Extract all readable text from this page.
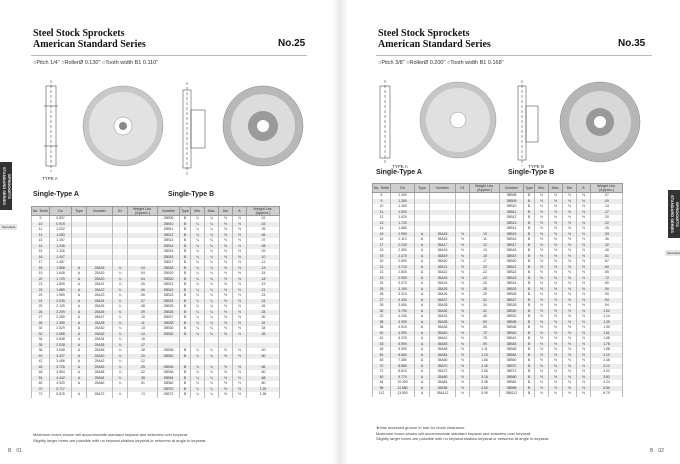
Steel Stock Sprockets
American Standard Series	No.25
○Pitch 1/4" ○RollerØ 0.130" ○Tooth width B1 0.110"
TYPE A
SPROCKETS STANDARD SERIES
Sprockets
Single-Type A	Single-Type B
No. Teeth	Do	Type	Number	D1	Weight Lbs. (Approx.)	Number	Type	Min.	Max.	Dm	A	Weight Lbs. (Approx.)
9	0.837					25B09	B	¼	¼	½	½	.02
10	0.919					25B10	B	¼	¼	½	½	.03
11	1.002					25B11	B	¼	¼	½	½	.05
12	1.083					25B12	B	¼	¼	½	½	.06
13	1.167					25B13	B	¼	¼	½	½	.07
14	1.246					25B14	B	¼	¼	½	½	.08
15	1.326					25B15	B	¼	¼	½	½	.09
16	1.407					25B16	B	¼	¼	½	½	.10
17	1.487					25B17	B	¼	¼	½	½	.11
18	1.568	A	25A18	¼	.04	25B18	B	¼	¼	½	½	.13
19	1.648	A	25A19	¼	.04	25B19	B	¼	¼	½	½	.15
20	1.729	A	25A20	¼	.04	25B20	B	¼	¼	½	½	.18
21	1.809	A	25A21	¼	.05	25B21	B	¼	¼	½	½	.19
22	1.889	A	25A22	¼	.06	25B22	B	¼	¼	½	½	.21
23	1.969	A	25A23	¼	.06	25B23	B	¼	¼	½	½	.23
24	2.049	A	25A24	¼	.07	25B24	B	¼	¼	½	½	.24
25	2.129	A	25A25	¼	.08	25B25	B	¼	¼	½	½	.26
26	2.209	A	25A26	¼	.09	25B26	B	¼	¼	½	½	.28
27	2.289	A	25A27	¼	.10	25B27	B	¼	¼	½	½	.30
28	2.369	A	25A28	¼	.11	25B28	B	¼	¼	½	½	.32
30	2.529	A	25A30	¼	.13	25B30	B	¼	¼	½	½	.34
32	2.688	A	25A32	¼	.14	25B32	B	¼	¼	½	½	.36
34	2.848	A	25A34	¼	.16							
35	2.928	A	25A35	¼	.17							
36	3.008	A	25A36	¼	.18	25B36	B	¼	¼	½	½	.40
40	3.327	A	25A40	¼	.20	25B40	B	¼	¼	½	½	.50
42	3.486	A	25A42	¼	.22							
45	3.725	A	25A45	¼	.25	25B45	B	¼	¼	½	½	.56
48	3.964	A	25A48	¼	.32	25B48	B	¼	¼	½	½	.60
54	4.442	A	25A54	¼	.38	25B54	B	¼	¼	½	½	.68
60	4.920	A	25A60	¼	.51	25B60	B	¼	¼	½	½	.80
70	5.717					25B70	B	¼	¼	½	½	1.25
72	5.876	A	25A72	¼	.74	25B72	B	¼	¼	½	½	1.38
Maximum bores shown will accommodate standard keyseat and setscrew over keyseat.
Slightly larger bores are possible with no keyseat,shallow keyseat,or setscrew at angle to keyseat.
B 01
Steel Stock Sprockets
American Standard Series	No.35
○Pitch 3/8" ○RollerØ 0.200" ○Tooth width B1 0.168"
TYPE A	TYPE B
SPROCKETS STANDARD SERIES
Sprockets
Single-Type A	Single-Type B
No. Teeth	Do	Type	Number	D1	Weight Lbs. (Approx.)	Number	Type	Min.	Max.	Dm	A	Weight Lbs. (Approx.)
8	1.150					35B08	B	½	½	½	½	.07
9	1.260					35B09	B	½	½	½	½	.09
10	1.360					35B10	B	½	½	½	½	.14
11	1.500					35B11	B	½	½	½	½	.17
12	1.620					35B12	B	½	½	½	½	.20
13	1.730					35B13	B	½	½	½	½	.22
14	1.860					35B14	B	½	½	½	½	.25
15	1.990	A	35A15	½	.10	35B15	B	½	½	½	½	.33
16	2.110	A	35A16	½	.11	35B16	B	½	½	½	½	.36
17	2.230	A	35A17	½	.12	35B17	B	½	½	½	½	.42
18	2.350	A	35A18	½	.13	35B18	B	½	½	½	½	.46
19	2.470	A	35A19	½	.15	35B19	B	½	½	½	½	.51
20	2.590	A	35A20	½	.17	35B20	B	½	½	½	½	.57
21	2.710	A	35A21	½	.20	35B21	B	½	½	½	½	.60
22	2.830	A	35A22	½	.22	35B22	B	½	½	½	½	.65
23	2.950	A	35A23	½	.24	35B23	B	½	½	½	½	.72
24	3.070	A	35A24	½	.26	35B24	B	½	½	½	½	.80
25	3.190	A	35A25	½	.28	35B25	B	½	½	½	½	.90
26	3.310	A	35A26	½	.29	35B26	B	½	½	½	½	.90
27	3.430	A	35A27	½	.32	35B27	B	½	½	½	½	.94
28	3.550	A	35A28	½	.34	35B28	B	½	½	½	½	.94
30	3.790	A	35A30	½	.41	35B30	B	½	½	½	½	1.02
32	4.030	A	35A32	½	.45	35B32	B	½	½	½	½	1.14
35	4.390	A	35A35	½	.50	35B35	B	½	½	½	½	1.39
36	4.510	A	35A36	½	.55	35B36	B	½	½	½	½	1.50
40	4.990	A	35A40	½	.70	35B40	B	½	½	½	½	1.61
42	5.220	A	35A42	½	.78	35B42	B	½	½	½	½	1.68
45	5.590	A	35A45	½	.90	35B45	B	½	½	½	½	1.78
48	5.950	A	35A48	½	1.11	35B48	B	½	½	½	½	1.88
54	6.660	A	35A54	½	1.23	35B54	B	½	½	½	½	2.10
60	7.380	A	35A60	½	1.66	35B60	B	½	½	½	½	2.46
70	8.580	A	35A70	½	2.40	35B70	B	½	½	½	½	3.12
72	8.810	A	35A72	½	2.56	35B72	B	½	½	½	½	3.42
80	9.770	A	35A80	½	3.16	35B80	B	½	½	½	½	3.82
84	10.250	A	35A84	½	3.48	35B84	B	½	½	½	½	4.24
96	11.680	A	35A96	½	4.60	35B96	B	½	½	½	½	5.50
112	13.590	A	35A112	½	5.95	35B112	B	½	½	½	½	6.70
★Has recessed groove in hub for chain clearance.
Maximum bores shown will accommodate standard keyseat and setscrew over keyseat.
Slightly larger bores are possible with no keyseat,shallow keyseat,or setscrew at angle to keyseat.
B 02
